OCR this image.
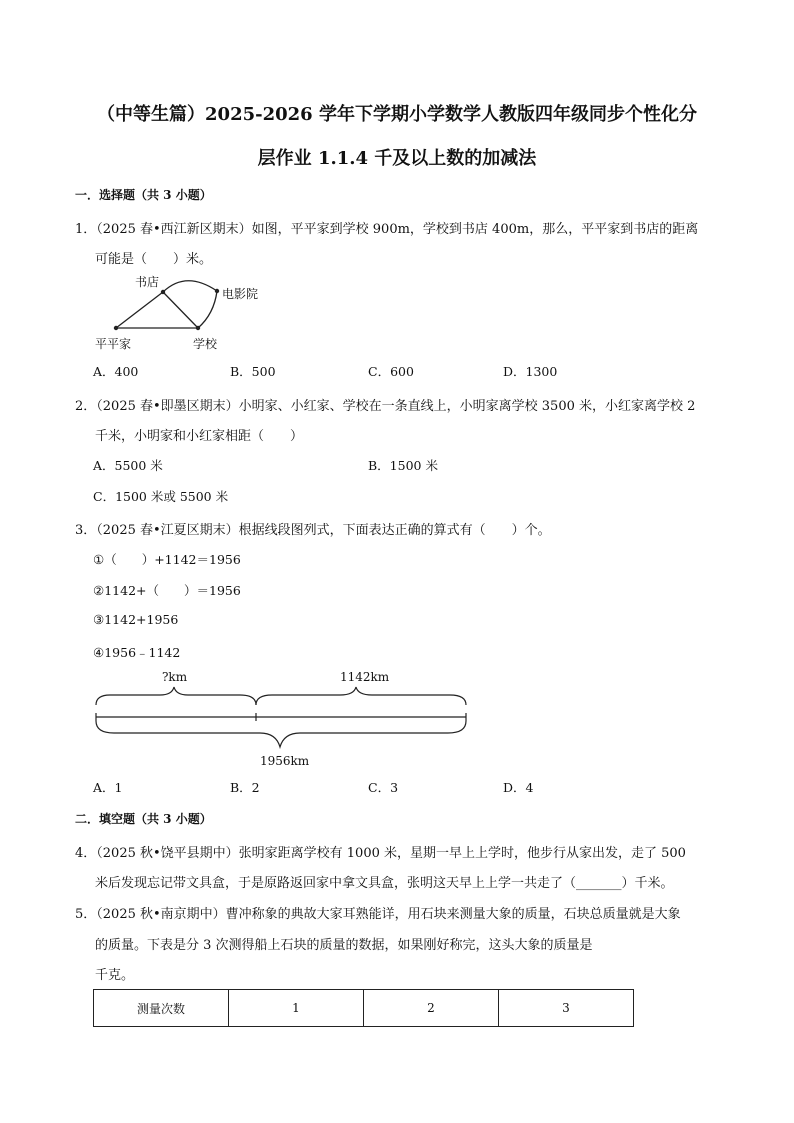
（中等生篇）2025-2026 学年下学期小学数学人教版四年级同步个性化分
层作业 1.1.4 千及以上数的加减法
一．选择题（共 3 小题）
1．（2025 春•西江新区期末）如图，平平家到学校 900m，学校到书店 400m，那么，平平家到书店的距离
可能是（　　）米。
书店
电影院
平平家	学校
A．400	B．500	C．600	D．1300
2．（2025 春•即墨区期末）小明家、小红家、学校在一条直线上，小明家离学校 3500 米，小红家离学校 2
千米，小明家和小红家相距（　　）
A．5500 米	B．1500 米
C．1500 米或 5500 米
3．（2025 春•江夏区期末）根据线段图列式，下面表达正确的算式有（　　）个。
①（　　）+1142＝1956
②1142+（　　）＝1956
③1142+1956
④1956﹣1142
?km	1142km
1956km
A．1	B．2	C．3	D．4
二．填空题（共 3 小题）
4．（2025 秋•饶平县期中）张明家距离学校有 1000 米，星期一早上上学时，他步行从家出发，走了 500
米后发现忘记带文具盒，于是原路返回家中拿文具盒，张明这天早上上学一共走了（_______）千米。
5．（2025 秋•南京期中）曹冲称象的典故大家耳熟能详，用石块来测量大象的质量，石块总质量就是大象
的质量。下表是分 3 次测得船上石块的质量的数据，如果刚好称完，这头大象的质量是
千克。
测量次数	1	2	3
